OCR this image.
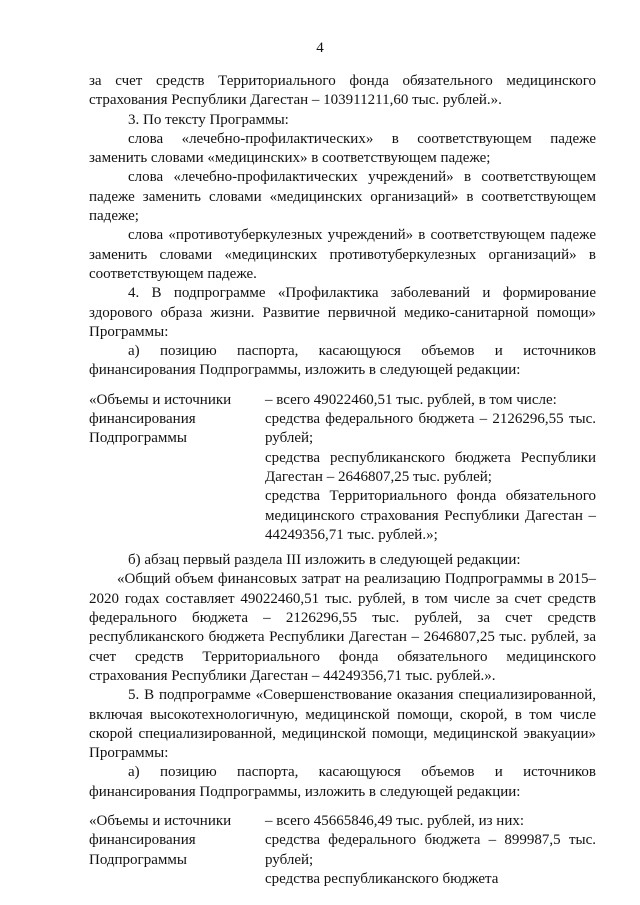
4

за счет средств Территориального фонда обязательного медицинского страхования Республики Дагестан – 103911211,60 тыс. рублей.».

3. По тексту Программы:

слова «лечебно-профилактических» в соответствующем падеже заменить словами «медицинских» в соответствующем падеже;

слова «лечебно-профилактических учреждений» в соответствующем падеже заменить словами «медицинских организаций» в соответствующем падеже;

слова «противотуберкулезных учреждений» в соответствующем падеже заменить словами «медицинских противотуберкулезных организаций» в соответствующем падеже.

4. В подпрограмме «Профилактика заболеваний и формирование здорового образа жизни. Развитие первичной медико-санитарной помощи» Программы:

а) позицию паспорта, касающуюся объемов и источников финансирования Подпрограммы, изложить в следующей редакции:

«Объемы и источники
финансирования
Подпрограммы

– всего 49022460,51 тыс. рублей, в том числе:

средства федерального бюджета – 2126296,55 тыс. рублей;

средства республиканского бюджета Республики Дагестан – 2646807,25 тыс. рублей;

средства Территориального фонда обязательного медицинского страхования Республики Дагестан – 44249356,71 тыс. рублей.»;

б) абзац первый раздела III изложить в следующей редакции:

«Общий объем финансовых затрат на реализацию Подпрограммы в 2015–2020 годах составляет 49022460,51 тыс. рублей, в том числе за счет средств федерального бюджета – 2126296,55 тыс. рублей, за счет средств республиканского бюджета Республики Дагестан – 2646807,25 тыс. рублей, за счет средств Территориального фонда обязательного медицинского страхования Республики Дагестан – 44249356,71 тыс. рублей.».

5. В подпрограмме «Совершенствование оказания специализированной, включая высокотехнологичную, медицинской помощи, скорой, в том числе скорой специализированной, медицинской помощи, медицинской эвакуации» Программы:

а) позицию паспорта, касающуюся объемов и источников финансирования Подпрограммы, изложить в следующей редакции:

«Объемы и источники
финансирования
Подпрограммы

– всего 45665846,49 тыс. рублей, из них:

средства федерального бюджета – 899987,5 тыс. рублей;

средства республиканского бюджета
